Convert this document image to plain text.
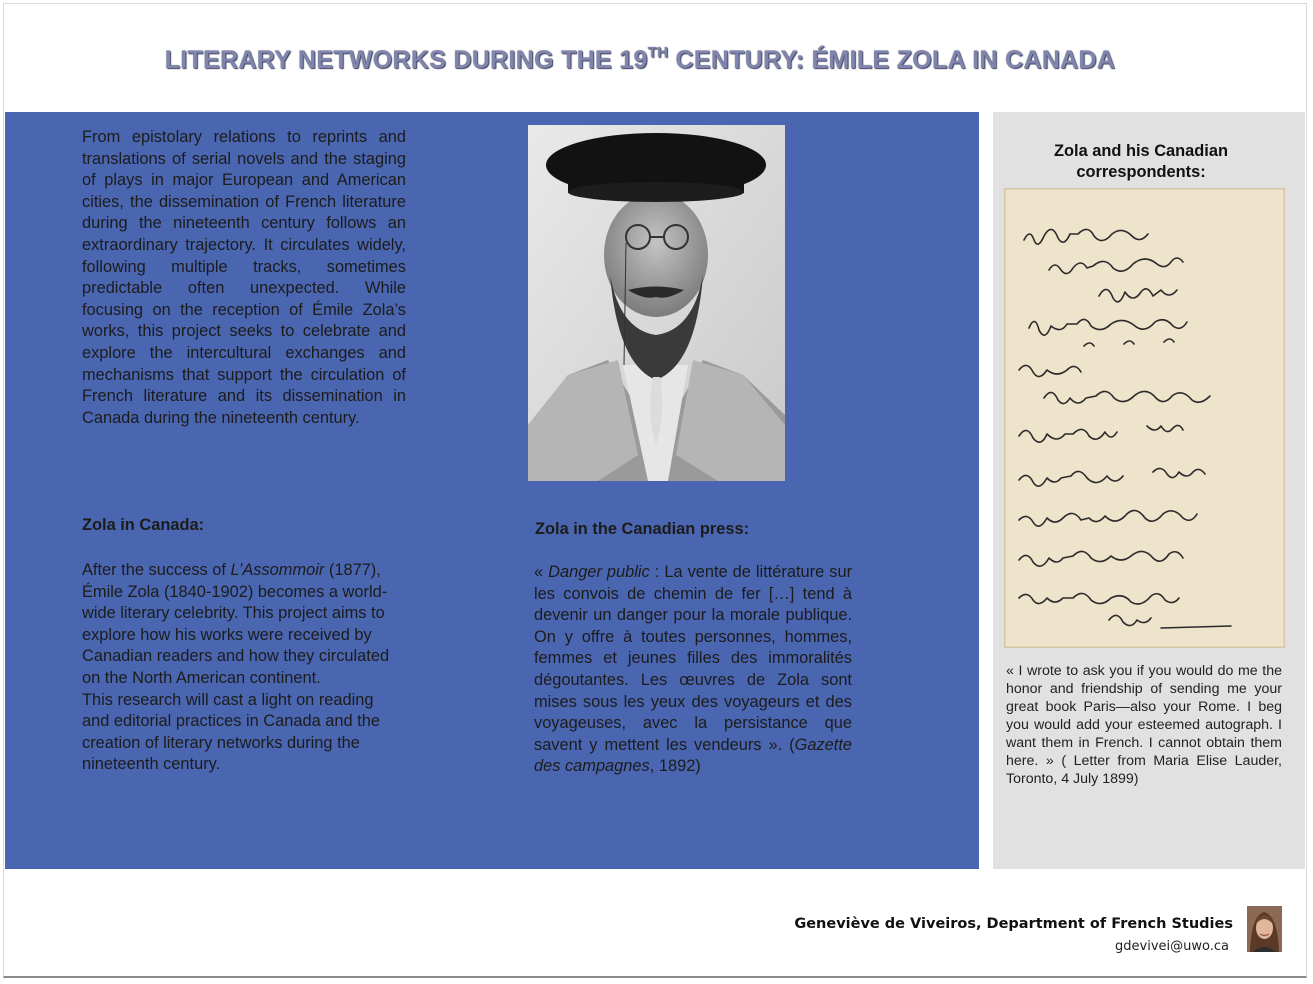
LITERARY NETWORKS DURING THE 19TH CENTURY: ÉMILE ZOLA IN CANADA

From epistolary relations to reprints and translations of serial novels and the staging of plays in major European and American cities, the dissemination of French literature during the nineteenth century follows an extraordinary trajectory. It circulates widely, following multiple tracks, sometimes predictable often unexpected. While focusing on the reception of Émile Zola’s works, this project seeks to celebrate and explore the intercultural exchanges and mechanisms that support the circulation of French literature and its dissemination in Canada during the nineteenth century.

Zola in Canada:

After the success of L’Assommoir (1877), Émile Zola (1840-1902) becomes a world-wide literary celebrity. This project aims to explore how his works were received by Canadian readers and how they circulated on the North American continent.

This research will cast a light on reading and editorial practices in Canada and the creation of literary networks during the nineteenth century.

Zola in the Canadian press:

« Danger public : La vente de littérature sur les convois de chemin de fer […] tend à devenir un danger pour la morale publique. On y offre à toutes personnes, hommes, femmes et jeunes filles des immoralités dégoutantes. Les œuvres de Zola sont mises sous les yeux des voyageurs et des voyageuses, avec la persistance que savent y mettent les vendeurs ». (Gazette des campagnes, 1892)

Zola and his Canadian correspondents:

« I wrote to ask you if you would do me the honor and friendship of sending me your great book Paris—also your Rome. I beg you would add your esteemed autograph. I want them in French. I cannot obtain them here. » ( Letter from Maria Elise Lauder, Toronto, 4 July 1899)

Geneviève de Viveiros, Department of French Studies
gdevivei@uwo.ca
